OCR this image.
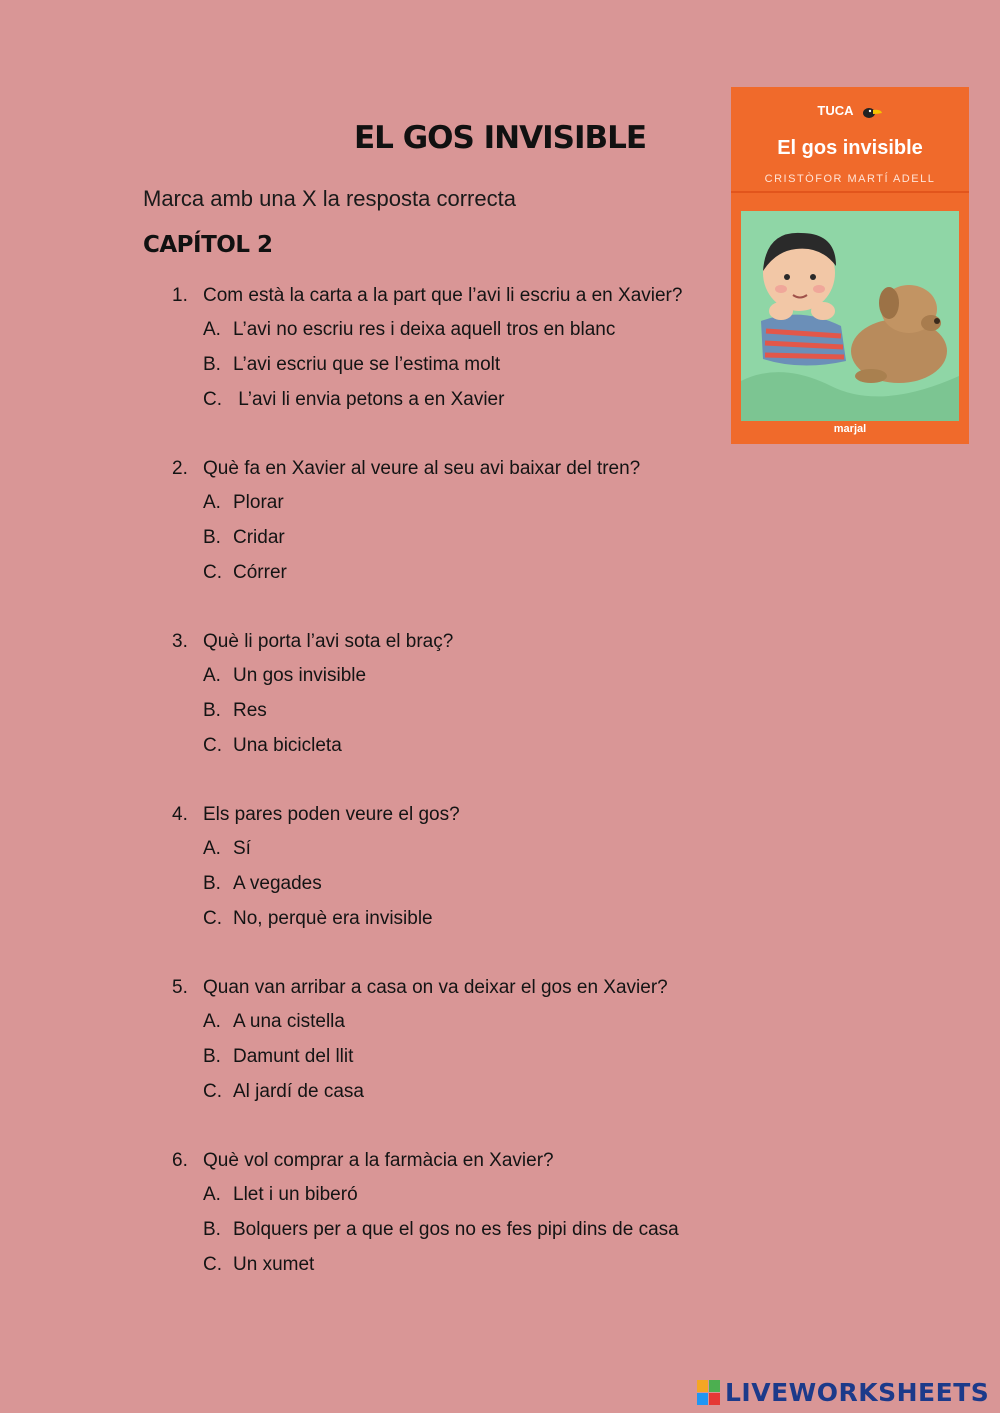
EL GOS INVISIBLE
Marca amb una X la resposta correcta
CAPÍTOL 2
1. Com està la carta a la part que l’avi li escriu a en Xavier?
A. L’avi no escriu res i deixa aquell tros en blanc
B. L’avi escriu que se l’estima molt
C. L’avi li envia petons a en Xavier
2. Què fa en Xavier al veure al seu avi baixar del tren?
A. Plorar
B. Cridar
C. Córrer
3. Què li porta l’avi sota el braç?
A. Un gos invisible
B. Res
C. Una bicicleta
4. Els pares poden veure el gos?
A. Sí
B. A vegades
C. No, perquè era invisible
5. Quan van arribar a casa on va deixar el gos en Xavier?
A. A una cistella
B. Damunt del llit
C. Al jardí de casa
6. Què vol comprar a la farmàcia en Xavier?
A. Llet i un biberó
B. Bolquers per a que el gos no es fes pipi dins de casa
C. Un xumet
TUCA
El gos invisible
CRISTÒFOR MARTÍ ADELL
marjal
LIVEWORKSHEETS
